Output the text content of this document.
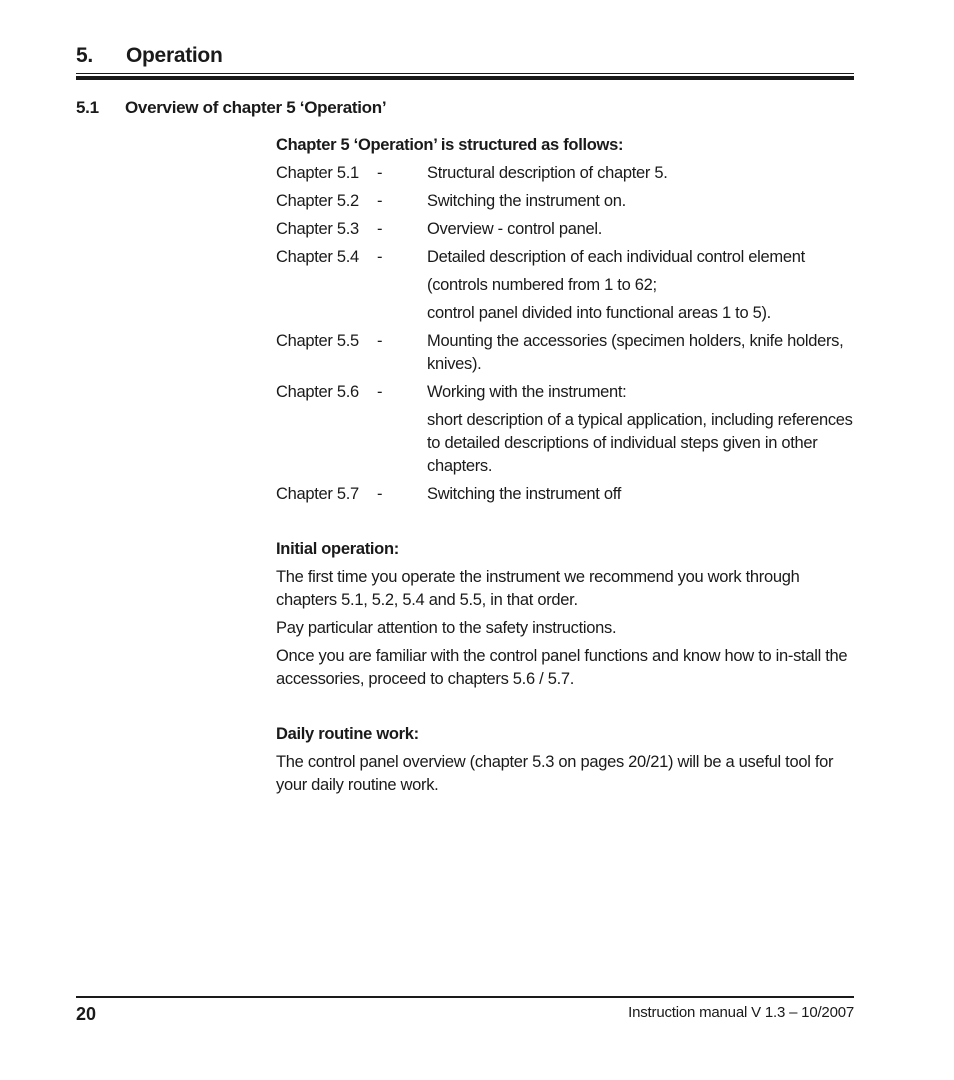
5. Operation
5.1 Overview of chapter 5 ‘Operation’
Chapter 5 ‘Operation’ is structured as follows:
Chapter 5.1	-	Structural description of chapter 5.
Chapter 5.2	-	Switching the instrument on.
Chapter 5.3	-	Overview - control panel.
Chapter 5.4	-	Detailed description of each individual control element
(controls numbered from 1 to 62;
control panel divided into functional areas 1 to 5).
Chapter 5.5	-	Mounting the accessories (specimen holders, knife holders, knives).
Chapter 5.6	-	Working with the instrument:
short description of a typical application, including references to detailed descriptions of individual steps given in other chapters.
Chapter 5.7	-	Switching the instrument off
Initial operation:
The first time you operate the instrument we recommend you work through chapters 5.1, 5.2, 5.4 and 5.5, in that order.
Pay particular attention to the safety instructions.
Once you are familiar with the control panel functions and know how to in-stall the accessories, proceed to chapters 5.6 / 5.7.
Daily routine work:
The control panel overview (chapter 5.3 on pages 20/21) will be a useful tool for your daily routine work.
20	Instruction manual V 1.3 – 10/2007
